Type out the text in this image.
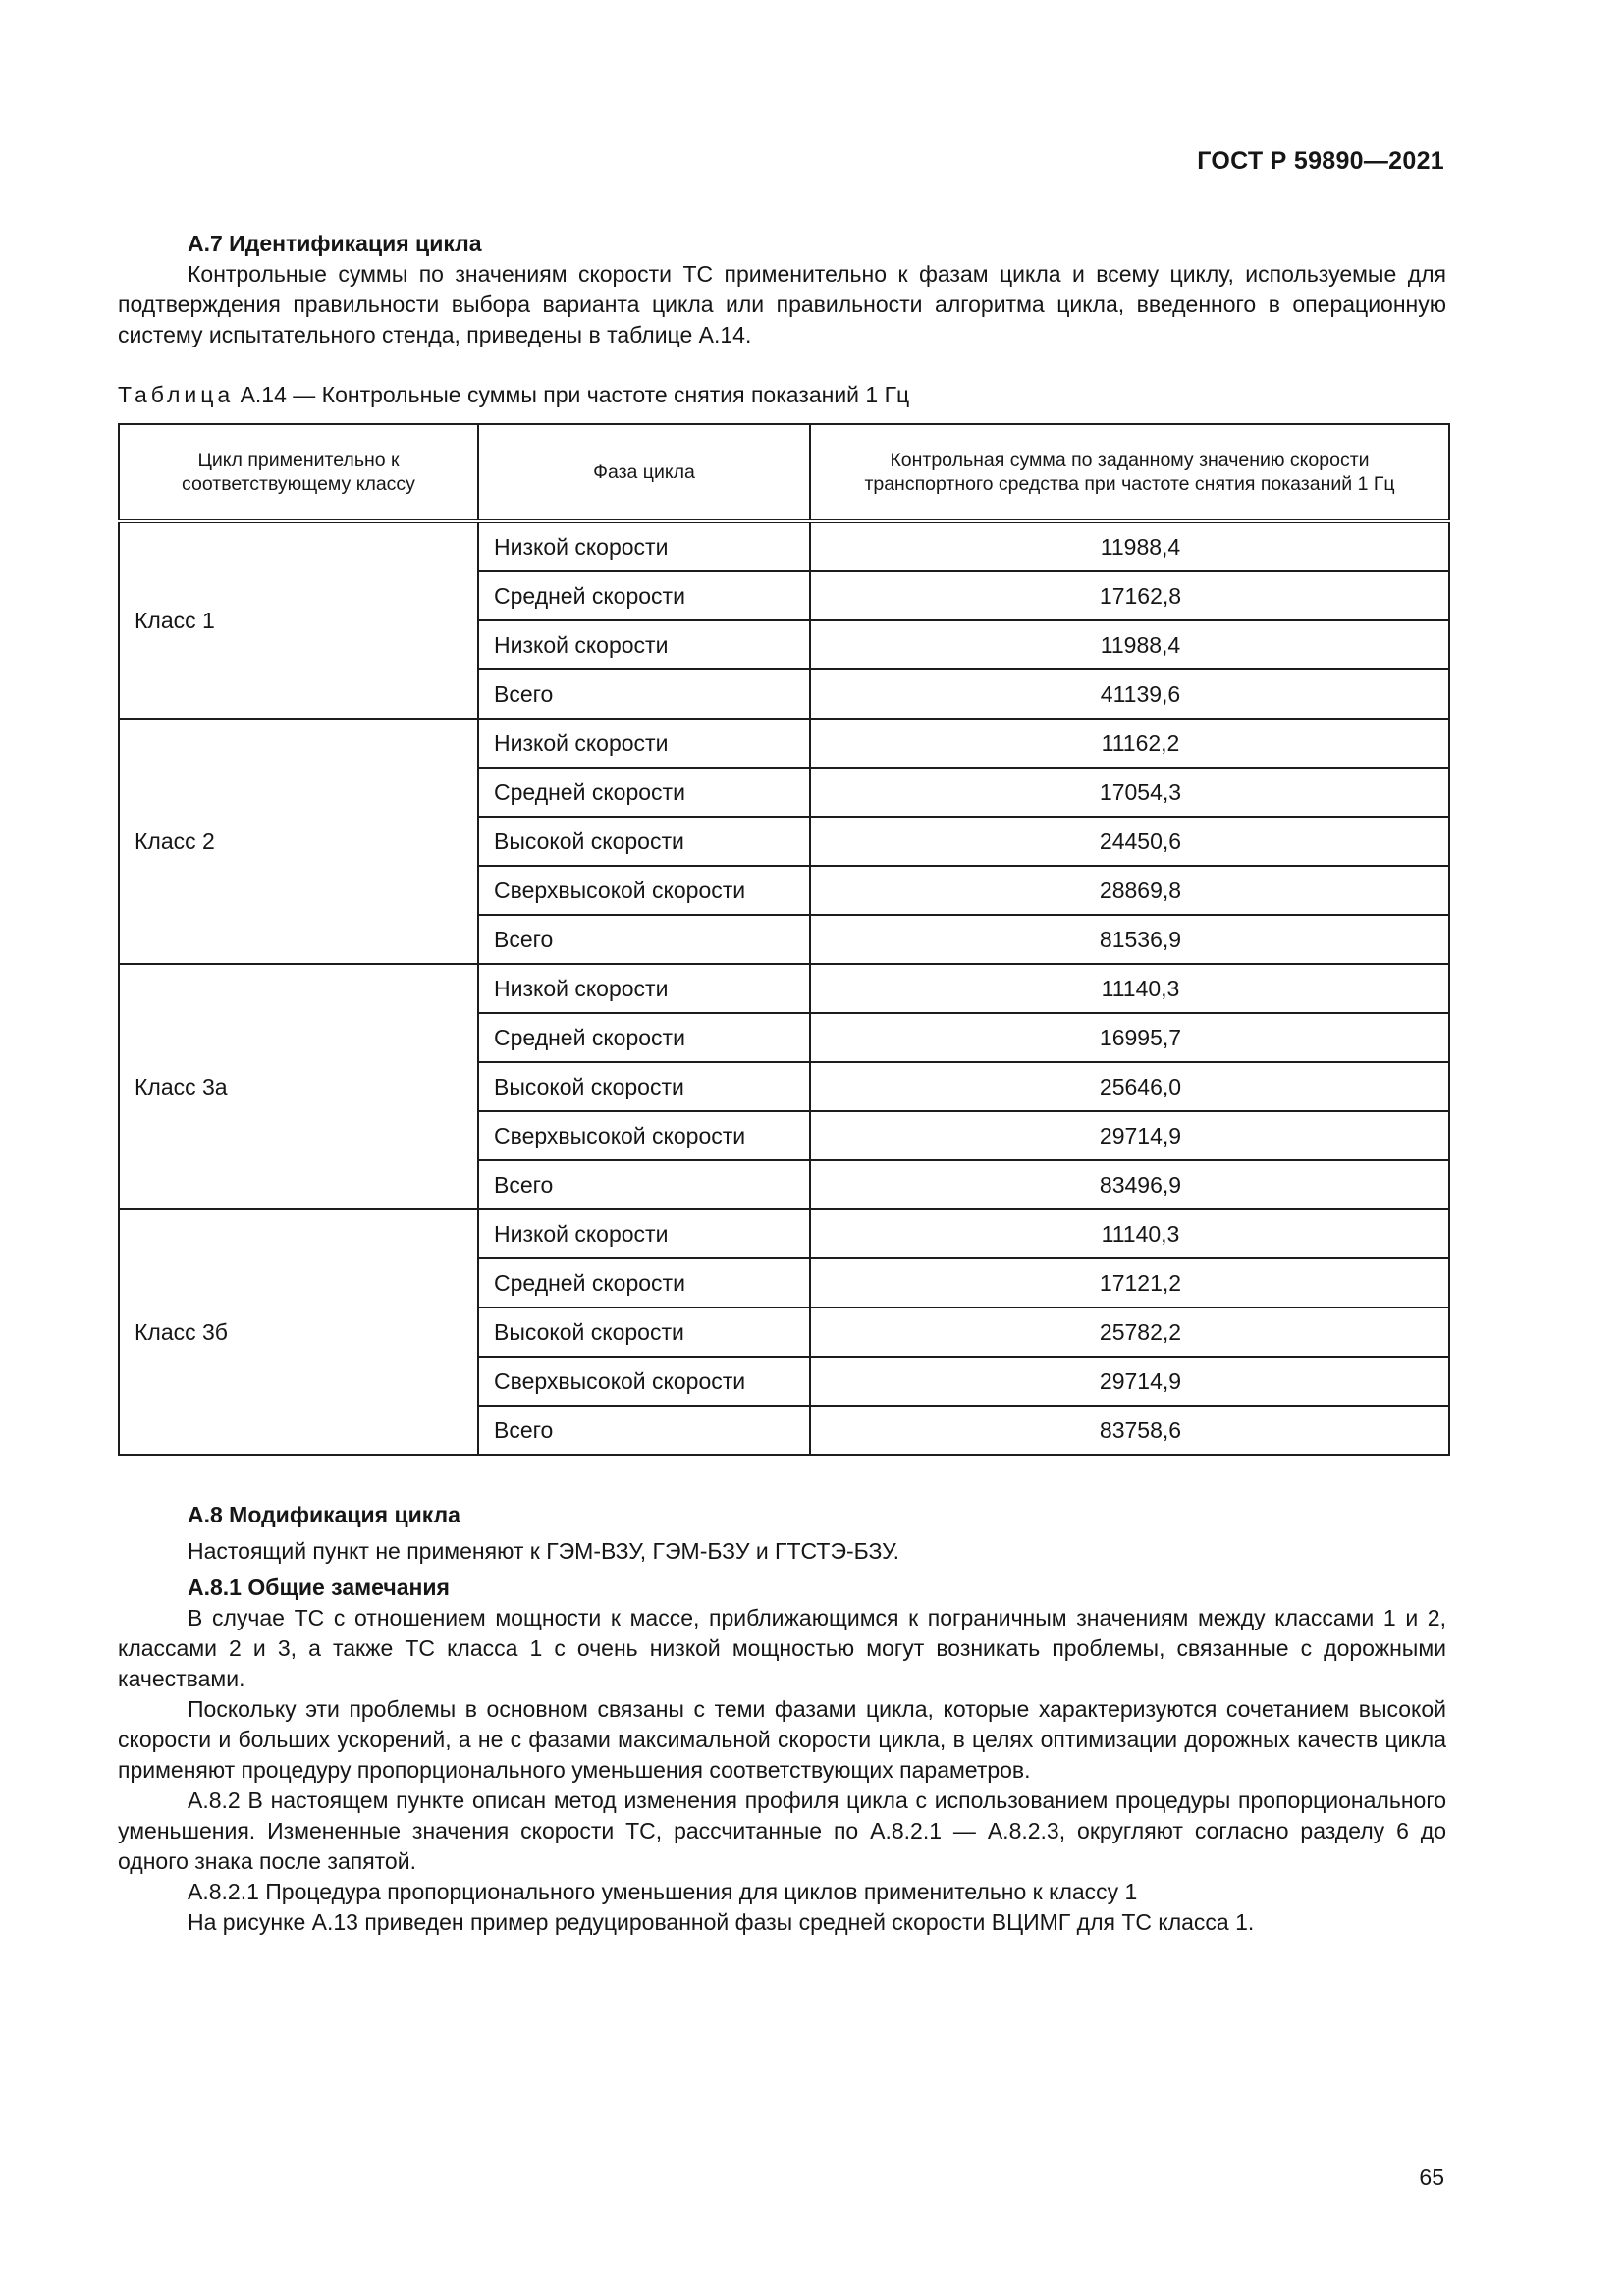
ГОСТ Р 59890—2021

А.7 Идентификация цикла

Контрольные суммы по значениям скорости ТС применительно к фазам цикла и всему циклу, используемые для подтверждения правильности выбора варианта цикла или правильности алгоритма цикла, введенного в операционную систему испытательного стенда, приведены в таблице А.14.

Таблица А.14 — Контрольные суммы при частоте снятия показаний 1 Гц
Цикл применительно к соответствующему классу	Фаза цикла	Контрольная сумма по заданному значению скорости транспортного средства при частоте снятия показаний 1 Гц
Класс 1	Низкой скорости	11988,4
	Средней скорости	17162,8
	Низкой скорости	11988,4
	Всего	41139,6
Класс 2	Низкой скорости	11162,2
	Средней скорости	17054,3
	Высокой скорости	24450,6
	Сверхвысокой скорости	28869,8
	Всего	81536,9
Класс 3а	Низкой скорости	11140,3
	Средней скорости	16995,7
	Высокой скорости	25646,0
	Сверхвысокой скорости	29714,9
	Всего	83496,9
Класс 3б	Низкой скорости	11140,3
	Средней скорости	17121,2
	Высокой скорости	25782,2
	Сверхвысокой скорости	29714,9
	Всего	83758,6

А.8 Модификация цикла

Настоящий пункт не применяют к ГЭМ-ВЗУ, ГЭМ-БЗУ и ГТСТЭ-БЗУ.

А.8.1 Общие замечания

В случае ТС с отношением мощности к массе, приближающимся к пограничным значениям между классами 1 и 2, классами 2 и 3, а также ТС класса 1 с очень низкой мощностью могут возникать проблемы, связанные с дорожными качествами.

Поскольку эти проблемы в основном связаны с теми фазами цикла, которые характеризуются сочетанием высокой скорости и больших ускорений, а не с фазами максимальной скорости цикла, в целях оптимизации дорожных качеств цикла применяют процедуру пропорционального уменьшения соответствующих параметров.

А.8.2 В настоящем пункте описан метод изменения профиля цикла с использованием процедуры пропорционального уменьшения. Измененные значения скорости ТС, рассчитанные по А.8.2.1 — А.8.2.3, округляют согласно разделу 6 до одного знака после запятой.

А.8.2.1 Процедура пропорционального уменьшения для циклов применительно к классу 1

На рисунке А.13 приведен пример редуцированной фазы средней скорости ВЦИМГ для ТС класса 1.

65
